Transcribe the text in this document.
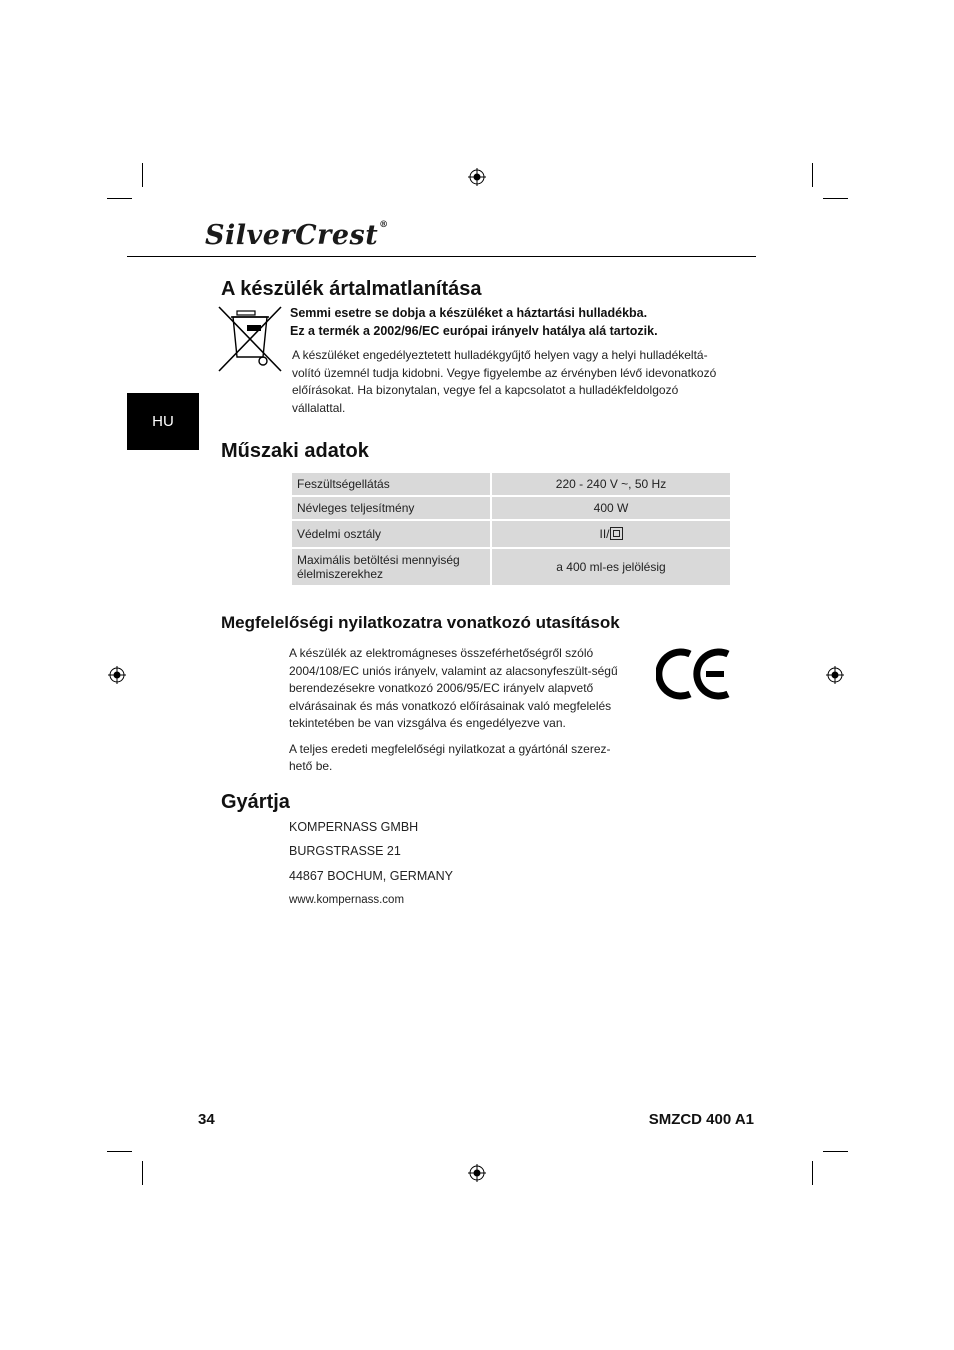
SilverCrest®
HU
A készülék ártalmatlanítása
Semmi esetre se dobja a készüléket a háztartási hulladékba.
Ez a termék a 2002/96/EC európai irányelv hatálya alá tartozik.

A készüléket engedélyeztetett hulladékgyűjtő helyen vagy a helyi hulladékeltá-volító üzemnél tudja kidobni. Vegye figyelembe az érvényben lévő idevonatkozó előírásokat. Ha bizonytalan, vegye fel a kapcsolatot a hulladékfeldolgozó vállalattal.

Műszaki adatok
Feszültségellátás	220 - 240 V ~, 50 Hz
Névleges teljesítmény	400 W
Védelmi osztály	II/
Maximális betöltési mennyiség élelmiszerekhez	a 400 ml-es jelölésig
Megfelelőségi nyilatkozatra vonatkozó utasítások

A készülék az elektromágneses összeférhetőségről szóló 2004/108/EC uniós irányelv, valamint az alacsonyfeszült-ségű berendezésekre vonatkozó 2006/95/EC irányelv alapvető elvárásainak és más vonatkozó előírásainak való megfelelés tekintetében be van vizsgálva és engedélyezve van.

A teljes eredeti megfelelőségi nyilatkozat a gyártónál szerez-hető be.

Gyártja
KOMPERNASS GMBH
BURGSTRASSE 21
44867 BOCHUM, GERMANY
www.kompernass.com
34	SMZCD 400 A1
